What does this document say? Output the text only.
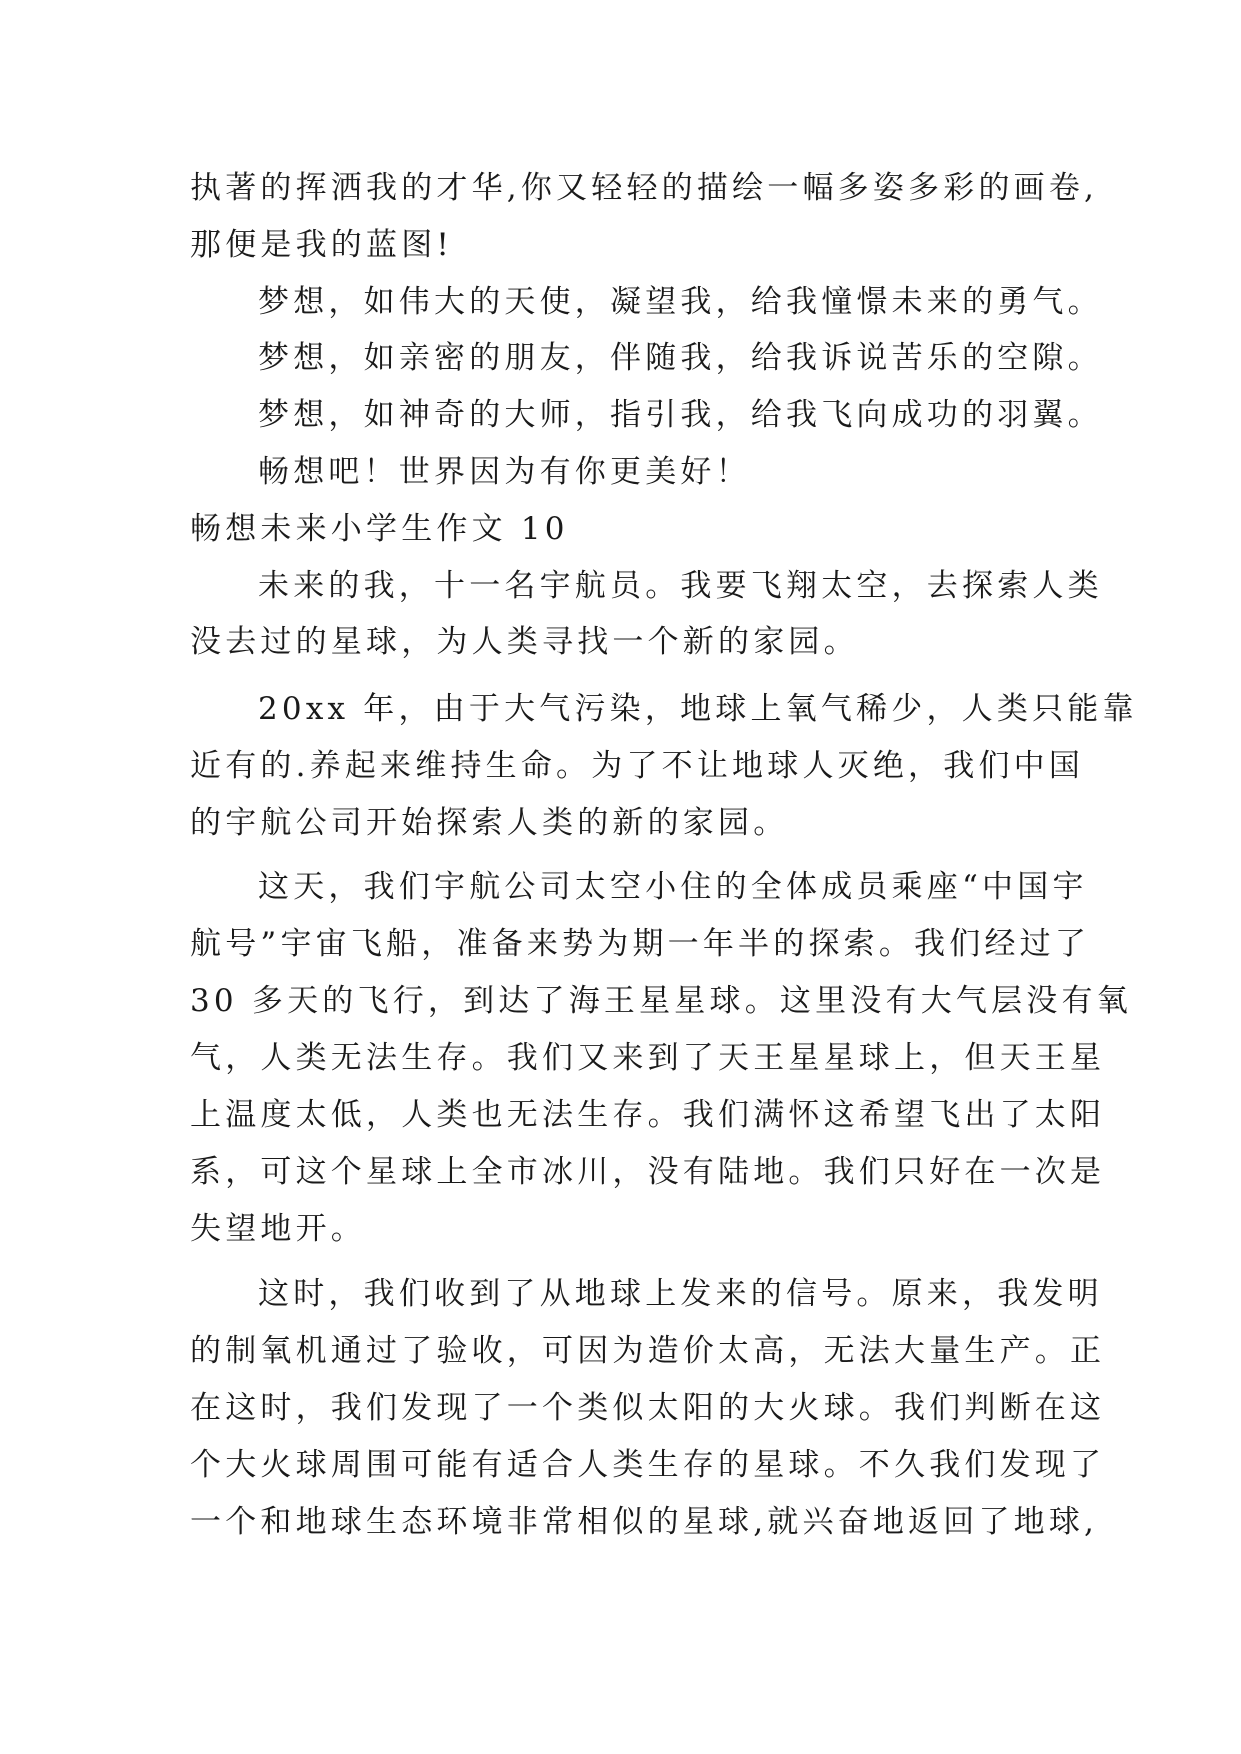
执著的挥洒我的才华,你又轻轻的描绘一幅多姿多彩的画卷,
那便是我的蓝图!
梦想，如伟大的天使，凝望我，给我憧憬未来的勇气。
梦想，如亲密的朋友，伴随我，给我诉说苦乐的空隙。
梦想，如神奇的大师，指引我，给我飞向成功的羽翼。
畅想吧！世界因为有你更美好！
畅想未来小学生作文 10
未来的我，十一名宇航员。我要飞翔太空，去探索人类
没去过的星球，为人类寻找一个新的家园。
20xx 年，由于大气污染，地球上氧气稀少，人类只能靠
近有的.养起来维持生命。为了不让地球人灭绝，我们中国
的宇航公司开始探索人类的新的家园。
这天，我们宇航公司太空小住的全体成员乘座“中国宇
航号”宇宙飞船，准备来势为期一年半的探索。我们经过了
30 多天的飞行，到达了海王星星球。这里没有大气层没有氧
气，人类无法生存。我们又来到了天王星星球上，但天王星
上温度太低，人类也无法生存。我们满怀这希望飞出了太阳
系，可这个星球上全市冰川，没有陆地。我们只好在一次是
失望地开。
这时，我们收到了从地球上发来的信号。原来，我发明
的制氧机通过了验收，可因为造价太高，无法大量生产。正
在这时，我们发现了一个类似太阳的大火球。我们判断在这
个大火球周围可能有适合人类生存的星球。不久我们发现了
一个和地球生态环境非常相似的星球,就兴奋地返回了地球,
